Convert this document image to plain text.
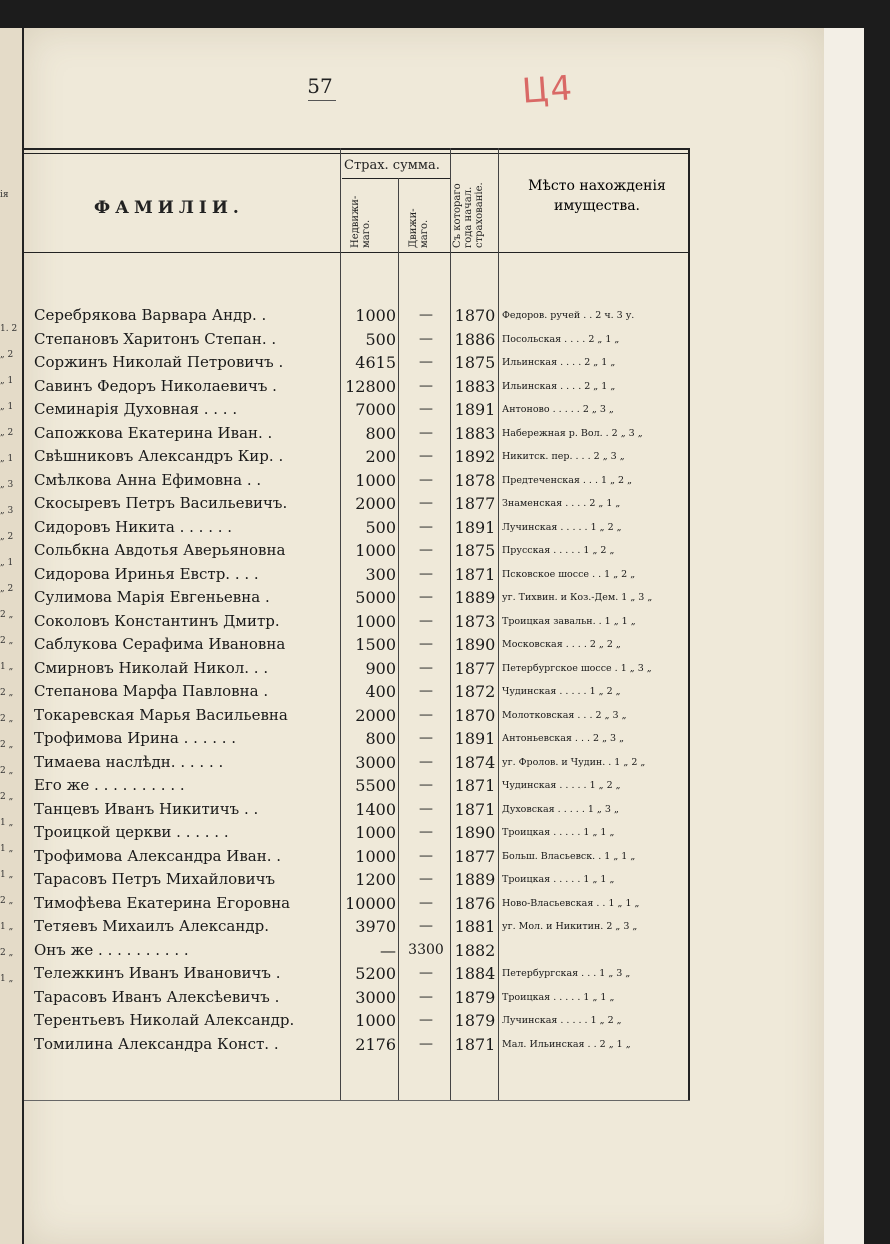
ія
1. 2
„ 2
„ 1
„ 1
„ 2
„ 1
„ 3
„ 3
„ 2
„ 1
„ 2
2 „
2 „
1 „
2 „
2 „
2 „
2 „
2 „
1 „
1 „
1 „
2 „
1 „
2 „
1 „
57	Ц4
ФАМИЛІИ.
Страх. сумма.
Недвижи-
маго.	Движи-
маго. Съ котораго
года начал.
страхованіе.	Мѣсто нахожденія имущества.
Серебрякова Варвара Андр. .	1000	—	1870 Федоров. ручей . . 2 ч. 3 у.
Степановъ Харитонъ Степан. .	500	—	1886 Посольская . . . . 2 „ 1 „
Соржинъ Николай Петровичъ .	4615	—	1875 Ильинская . . . . 2 „ 1 „
Савинъ Федоръ Николаевичъ .	12800	—	1883 Ильинская . . . . 2 „ 1 „
Семинарія Духовная . . . .	7000	—	1891 Антоново . . . . . 2 „ 3 „
Сапожкова Екатерина Иван. .	800	—	1883 Набережная р. Вол. . 2 „ 3 „
Свѣшниковъ Александръ Кир. .	200	—	1892 Никитск. пер. . . . 2 „ 3 „
Смѣлкова Анна Ефимовна . .	1000	—	1878 Предтеченская . . . 1 „ 2 „
Скосыревъ Петръ Васильевичъ.	2000	—	1877 Знаменская . . . . 2 „ 1 „
Сидоровъ Никита . . . . . .	500	—	1891 Лучинская . . . . . 1 „ 2 „
Сольбкна Авдотья Аверьяновна	1000	—	1875 Прусская . . . . . 1 „ 2 „
Сидорова Иринья Евстр. . . .	300	—	1871 Псковское шоссе . . 1 „ 2 „
Сулимова Марія Евгеньевна .	5000	—	1889 уг. Тихвин. и Коз.-Дем. 1 „ 3 „
Соколовъ Константинъ Дмитр.	1000	—	1873 Троицкая завальн. . 1 „ 1 „
Саблукова Серафима Ивановна	1500	—	1890 Московская . . . . 2 „ 2 „
Смирновъ Николай Никол. . .	900	—	1877 Петербургское шоссе . 1 „ 3 „
Степанова Марфа Павловна .	400	—	1872 Чудинская . . . . . 1 „ 2 „
Токаревская Марья Васильевна	2000	—	1870 Молотковская . . . 2 „ 3 „
Трофимова Ирина . . . . . .	800	—	1891 Антоньевская . . . 2 „ 3 „
Тимаева наслѣдн. . . . . .	3000	—	1874 уг. Фролов. и Чудин. . 1 „ 2 „
Его же . . . . . . . . . .	5500	—	1871 Чудинская . . . . . 1 „ 2 „
Танцевъ Иванъ Никитичъ . .	1400	—	1871 Духовская . . . . . 1 „ 3 „
Троицкой церкви . . . . . .	1000	—	1890 Троицкая . . . . . 1 „ 1 „
Трофимова Александра Иван. .	1000	—	1877 Больш. Власьевск. . 1 „ 1 „
Тарасовъ Петръ Михайловичъ	1200	—	1889 Троицкая . . . . . 1 „ 1 „
Тимофѣева Екатерина Егоровна	10000	—	1876 Ново-Власьевская . . 1 „ 1 „
Тетяевъ Михаилъ Александр.	3970	—	1881 уг. Мол. и Никитин. 2 „ 3 „
Онъ же . . . . . . . . . .	— 3300 1882
Тележкинъ Иванъ Ивановичъ .	5200	—	1884 Петербургская . . . 1 „ 3 „
Тарасовъ Иванъ Алексѣевичъ .	3000	—	1879 Троицкая . . . . . 1 „ 1 „
Терентьевъ Николай Александр.	1000	—	1879 Лучинская . . . . . 1 „ 2 „
Томилина Александра Конст. .	2176	—	1871 Мал. Ильинская . . 2 „ 1 „
